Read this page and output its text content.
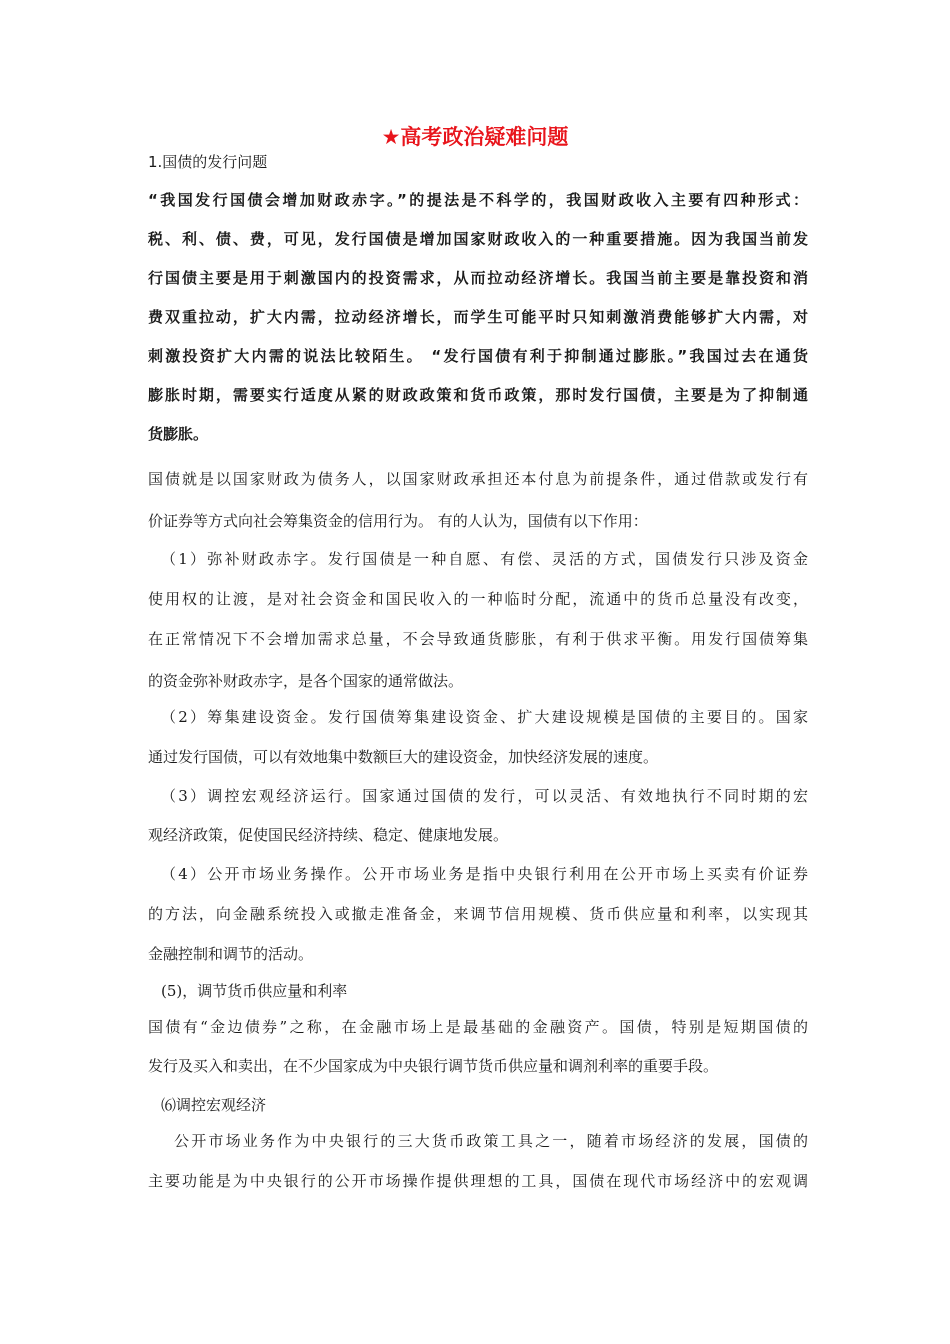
★高考政治疑难问题
1.国债的发行问题
“我国发行国债会增加财政赤字。”的提法是不科学的，我国财政收入主要有四种形式：
税、利、债、费，可见，发行国债是增加国家财政收入的一种重要措施。因为我国当前发
行国债主要是用于刺激国内的投资需求，从而拉动经济增长。我国当前主要是靠投资和消
费双重拉动，扩大内需，拉动经济增长，而学生可能平时只知刺激消费能够扩大内需，对
刺激投资扩大内需的说法比较陌生。 “发行国债有利于抑制通过膨胀。”我国过去在通货
膨胀时期，需要实行适度从紧的财政政策和货币政策，那时发行国债，主要是为了抑制通
货膨胀。
国债就是以国家财政为债务人，以国家财政承担还本付息为前提条件，通过借款或发行有
价证券等方式向社会筹集资金的信用行为。 有的人认为，国债有以下作用：
（1）弥补财政赤字。发行国债是一种自愿、有偿、灵活的方式，国债发行只涉及资金
使用权的让渡，是对社会资金和国民收入的一种临时分配，流通中的货币总量没有改变，
在正常情况下不会增加需求总量，不会导致通货膨胀，有利于供求平衡。用发行国债筹集
的资金弥补财政赤字，是各个国家的通常做法。
（2）筹集建设资金。发行国债筹集建设资金、扩大建设规模是国债的主要目的。国家
通过发行国债，可以有效地集中数额巨大的建设资金，加快经济发展的速度。
（3）调控宏观经济运行。国家通过国债的发行，可以灵活、有效地执行不同时期的宏
观经济政策，促使国民经济持续、稳定、健康地发展。
（4）公开市场业务操作。公开市场业务是指中央银行利用在公开市场上买卖有价证券
的方法，向金融系统投入或撤走准备金，来调节信用规模、货币供应量和利率，以实现其
金融控制和调节的活动。
(5)，调节货币供应量和利率
国债有“金边债券”之称，在金融市场上是最基础的金融资产。国债，特别是短期国债的
发行及买入和卖出，在不少国家成为中央银行调节货币供应量和调剂利率的重要手段。
⑹调控宏观经济
公开市场业务作为中央银行的三大货币政策工具之一，随着市场经济的发展，国债的
主要功能是为中央银行的公开市场操作提供理想的工具，国债在现代市场经济中的宏观调
